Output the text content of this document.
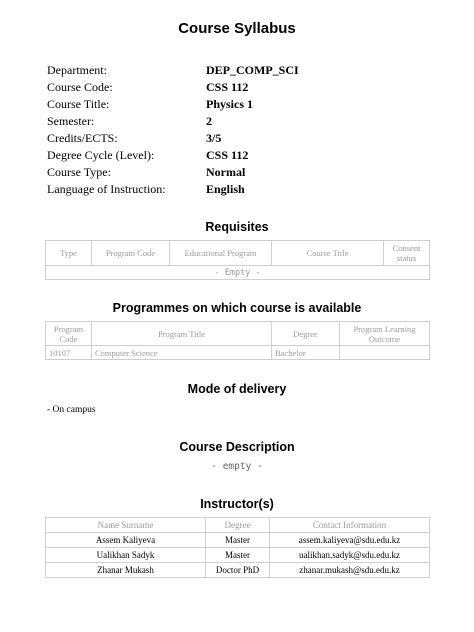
Course Syllabus
Department:	DEP_COMP_SCI
Course Code:	CSS 112
Course Title:	Physics 1
Semester:	2
Credits/ECTS:	3/5
Degree Cycle (Level):	CSS 112
Course Type:	Normal
Language of Instruction:	English
Requisites
Type	Program Code	Educational Program	Course Title	Consent status
- Empty -
Programmes on which course is available
Program Code	Program Title	Degree	Program Learning Outcome
10107	Computer Science	Bachelor	
Mode of delivery
- On campus
Course Description
- empty -
Instructor(s)
Name Surname	Degree	Contact Information
Assem Kaliyeva	Master	assem.kaliyeva@sdu.edu.kz
Ualikhan Sadyk	Master	ualikhan.sadyk@sdu.edu.kz
Zhanar Mukash	Doctor PhD	zhanar.mukash@sdu.edu.kz
